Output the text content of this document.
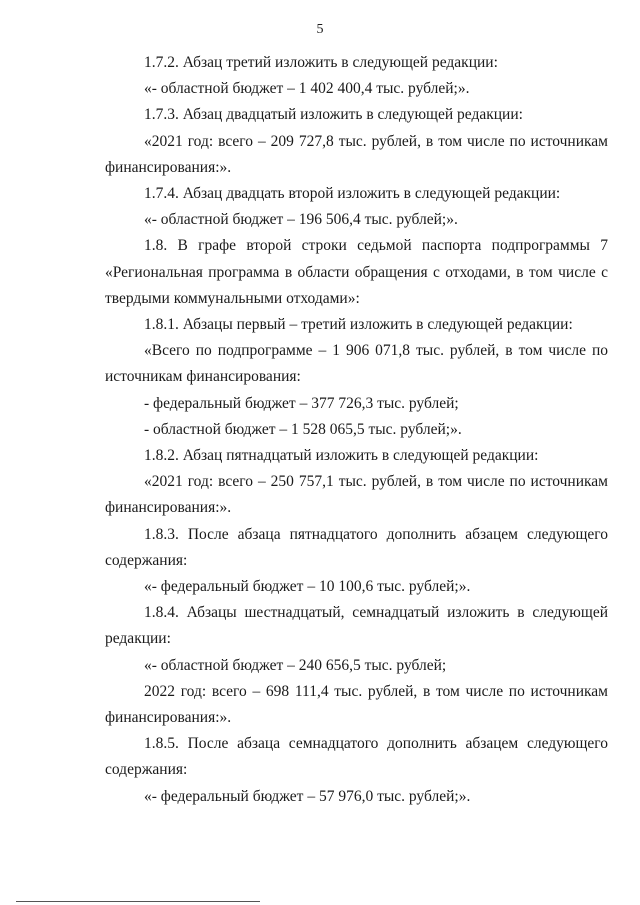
5

1.7.2. Абзац третий изложить в следующей редакции:

«- областной бюджет – 1 402 400,4 тыс. рублей;».

1.7.3. Абзац двадцатый изложить в следующей редакции:

«2021 год: всего – 209 727,8 тыс. рублей, в том числе по источникам финансирования:».

1.7.4. Абзац двадцать второй изложить в следующей редакции:

«- областной бюджет – 196 506,4 тыс. рублей;».

1.8. В графе второй строки седьмой паспорта подпрограммы 7 «Региональная программа в области обращения с отходами, в том числе с твердыми коммунальными отходами»:

1.8.1. Абзацы первый – третий изложить в следующей редакции:

«Всего по подпрограмме – 1 906 071,8 тыс. рублей, в том числе по источникам финансирования:

- федеральный бюджет – 377 726,3 тыс. рублей;

- областной бюджет – 1 528 065,5 тыс. рублей;».

1.8.2. Абзац пятнадцатый изложить в следующей редакции:

«2021 год: всего – 250 757,1 тыс. рублей, в том числе по источникам финансирования:».

1.8.3. После абзаца пятнадцатого дополнить абзацем следующего содержания:

«- федеральный бюджет – 10 100,6 тыс. рублей;».

1.8.4. Абзацы шестнадцатый, семнадцатый изложить в следующей редакции:

«- областной бюджет – 240 656,5 тыс. рублей;

2022 год: всего – 698 111,4 тыс. рублей, в том числе по источникам финансирования:».

1.8.5. После абзаца семнадцатого дополнить абзацем следующего содержания:

«- федеральный бюджет – 57 976,0 тыс. рублей;».
